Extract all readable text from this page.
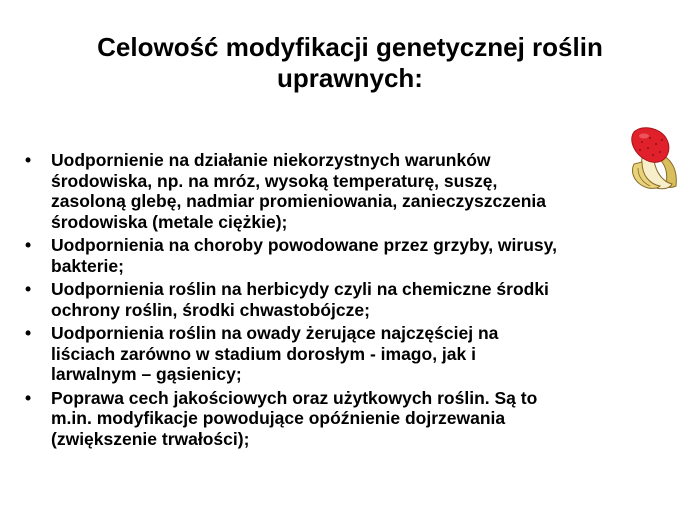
Celowość modyfikacji genetycznej roślin
uprawnych:
• Uodpornienie na działanie niekorzystnych warunków
środowiska, np. na mróz, wysoką temperaturę, suszę,
zasoloną glebę, nadmiar promieniowania, zanieczyszczenia
środowiska (metale ciężkie);
• Uodpornienia na choroby powodowane przez grzyby, wirusy,
bakterie;
• Uodpornienia roślin na herbicydy czyli na chemiczne środki
ochrony roślin, środki chwastobójcze;
• Uodpornienia roślin na owady żerujące najczęściej na
liściach zarówno w stadium dorosłym - imago, jak i
larwalnym – gąsienicy;
• Poprawa cech jakościowych oraz użytkowych roślin. Są to
m.in. modyfikacje powodujące opóźnienie dojrzewania
(zwiększenie trwałości);
